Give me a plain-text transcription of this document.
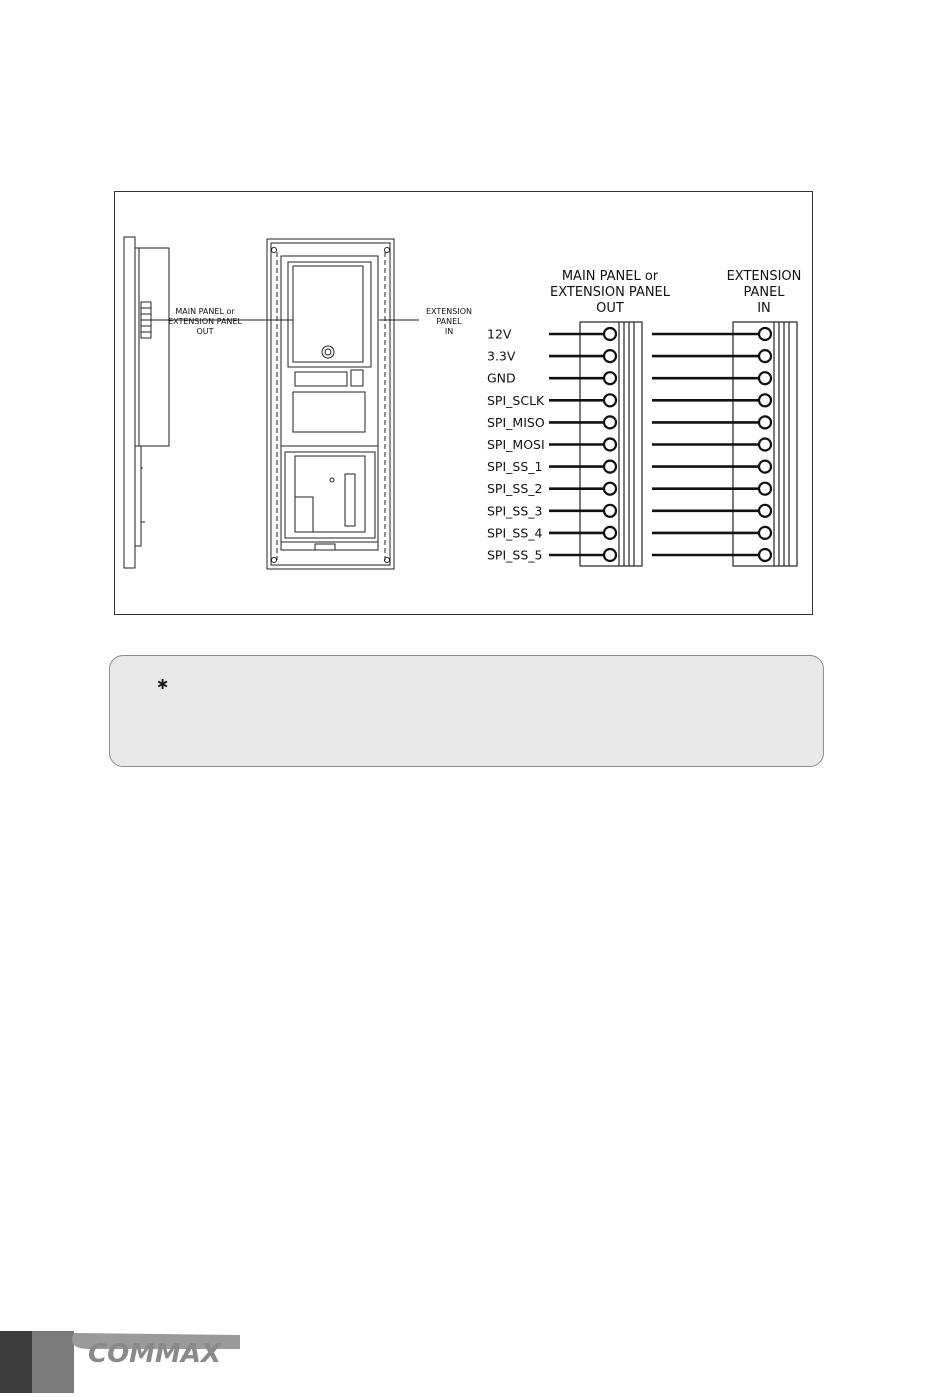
MAIN PANEL or
EXTENSION PANEL
OUT
EXTENSION
PANEL
IN
MAIN PANEL or
EXTENSION PANEL
OUT
EXTENSION
PANEL
IN
12V
3.3V
GND
SPI_SCLK
SPI_MISO
SPI_MOSI
SPI_SS_1
SPI_SS_2
SPI_SS_3
SPI_SS_4
SPI_SS_5
∗
COMMAX
